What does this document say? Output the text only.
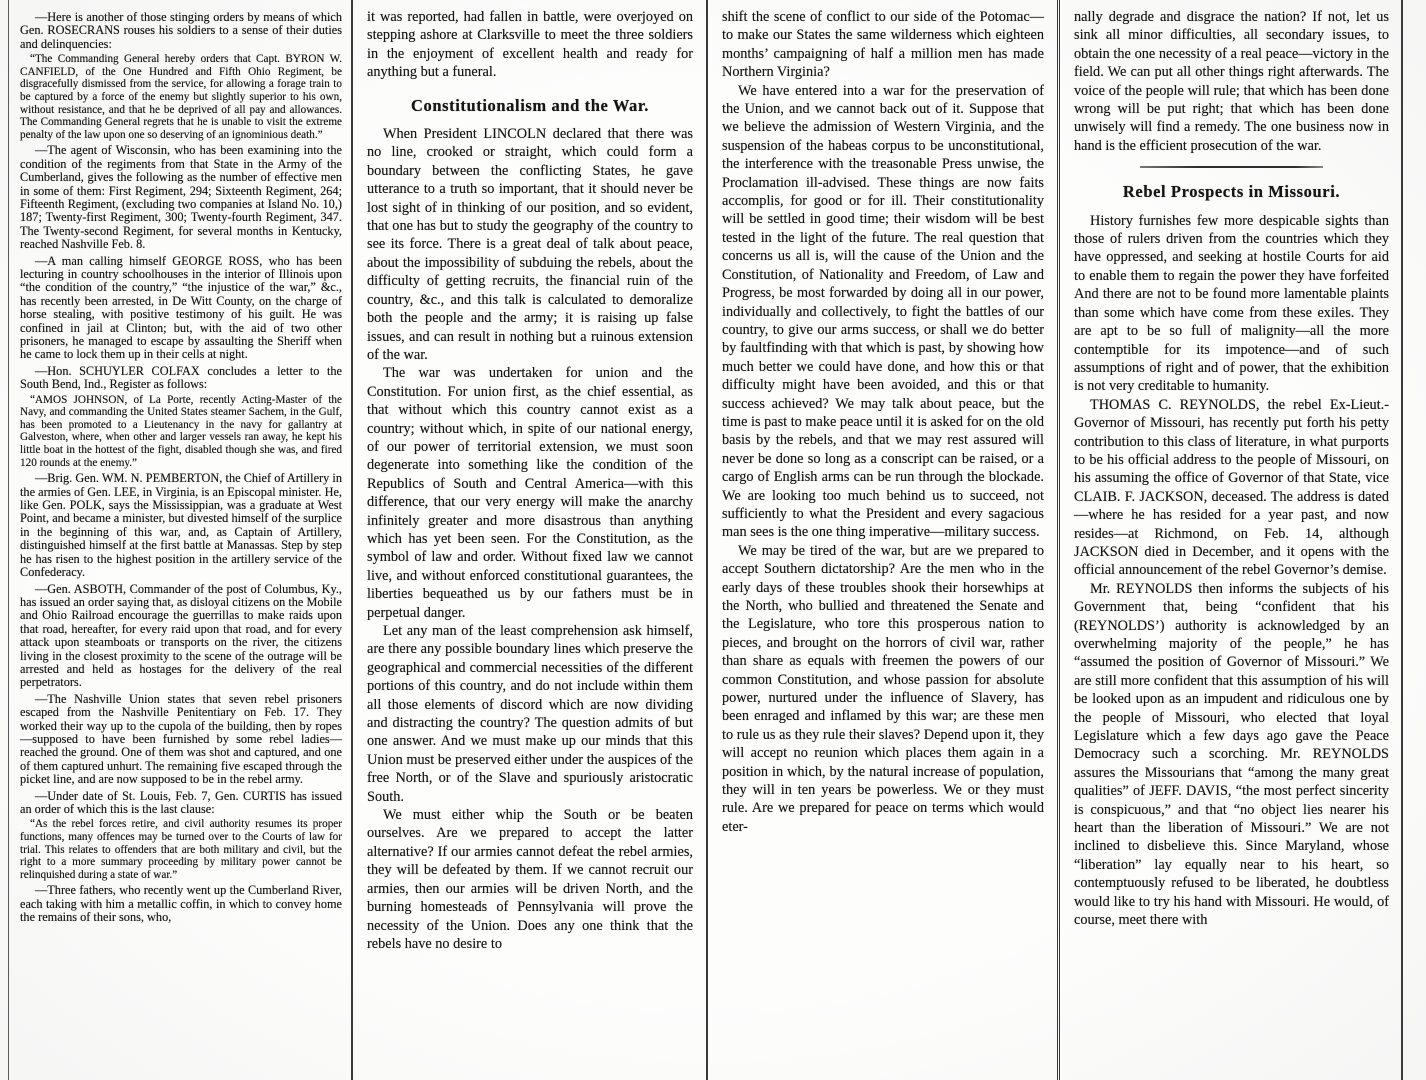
—Here is another of those stinging orders by means of which Gen. ROSECRANS rouses his soldiers to a sense of their duties and delinquencies:

“The Commanding General hereby orders that Capt. BYRON W. CANFIELD, of the One Hundred and Fifth Ohio Regiment, be disgracefully dismissed from the service, for allowing a forage train to be captured by a force of the enemy but slightly superior to his own, without resistance, and that he be deprived of all pay and allowances. The Commanding General regrets that he is unable to visit the extreme penalty of the law upon one so deserving of an ignominious death.”

—The agent of Wisconsin, who has been examining into the condition of the regiments from that State in the Army of the Cumberland, gives the following as the number of effective men in some of them: First Regiment, 294; Sixteenth Regiment, 264; Fifteenth Regiment, (excluding two companies at Island No. 10,) 187; Twenty-first Regiment, 300; Twenty-fourth Regiment, 347. The Twenty-second Regiment, for several months in Kentucky, reached Nashville Feb. 8.

—A man calling himself GEORGE ROSS, who has been lecturing in country schoolhouses in the interior of Illinois upon “the condition of the country,” “the injustice of the war,” &c., has recently been arrested, in De Witt County, on the charge of horse stealing, with positive testimony of his guilt. He was confined in jail at Clinton; but, with the aid of two other prisoners, he managed to escape by assaulting the Sheriff when he came to lock them up in their cells at night.

—Hon. SCHUYLER COLFAX concludes a letter to the South Bend, Ind., Register as follows:

“AMOS JOHNSON, of La Porte, recently Acting-Master of the Navy, and commanding the United States steamer Sachem, in the Gulf, has been promoted to a Lieutenancy in the navy for gallantry at Galveston, where, when other and larger vessels ran away, he kept his little boat in the hottest of the fight, disabled though she was, and fired 120 rounds at the enemy.”

—Brig. Gen. WM. N. PEMBERTON, the Chief of Artillery in the armies of Gen. LEE, in Virginia, is an Episcopal minister. He, like Gen. POLK, says the Mississippian, was a graduate at West Point, and became a minister, but divested himself of the surplice in the beginning of this war, and, as Captain of Artillery, distinguished himself at the first battle at Manassas. Step by step he has risen to the highest position in the artillery service of the Confederacy.

—Gen. ASBOTH, Commander of the post of Columbus, Ky., has issued an order saying that, as disloyal citizens on the Mobile and Ohio Railroad encourage the guerrillas to make raids upon that road, hereafter, for every raid upon that road, and for every attack upon steamboats or transports on the river, the citizens living in the closest proximity to the scene of the outrage will be arrested and held as hostages for the delivery of the real perpetrators.

—The Nashville Union states that seven rebel prisoners escaped from the Nashville Penitentiary on Feb. 17. They worked their way up to the cupola of the building, then by ropes—supposed to have been furnished by some rebel ladies—reached the ground. One of them was shot and captured, and one of them captured unhurt. The remaining five escaped through the picket line, and are now supposed to be in the rebel army.

—Under date of St. Louis, Feb. 7, Gen. CURTIS has issued an order of which this is the last clause:

“As the rebel forces retire, and civil authority resumes its proper functions, many offences may be turned over to the Courts of law for trial. This relates to offenders that are both military and civil, but the right to a more summary proceeding by military power cannot be relinquished during a state of war.”

—Three fathers, who recently went up the Cumberland River, each taking with him a metallic coffin, in which to convey home the remains of their sons, who,

it was reported, had fallen in battle, were overjoyed on stepping ashore at Clarksville to meet the three soldiers in the enjoyment of excellent health and ready for anything but a funeral.

Constitutionalism and the War.

When President LINCOLN declared that there was no line, crooked or straight, which could form a boundary between the conflicting States, he gave utterance to a truth so important, that it should never be lost sight of in thinking of our position, and so evident, that one has but to study the geography of the country to see its force. There is a great deal of talk about peace, about the impossibility of subduing the rebels, about the difficulty of getting recruits, the financial ruin of the country, &c., and this talk is calculated to demoralize both the people and the army; it is raising up false issues, and can result in nothing but a ruinous extension of the war.

The war was undertaken for union and the Constitution. For union first, as the chief essential, as that without which this country cannot exist as a country; without which, in spite of our national energy, of our power of territorial extension, we must soon degenerate into something like the condition of the Republics of South and Central America—with this difference, that our very energy will make the anarchy infinitely greater and more disastrous than anything which has yet been seen. For the Constitution, as the symbol of law and order. Without fixed law we cannot live, and without enforced constitutional guarantees, the liberties bequeathed us by our fathers must be in perpetual danger.

Let any man of the least comprehension ask himself, are there any possible boundary lines which preserve the geographical and commercial necessities of the different portions of this country, and do not include within them all those elements of discord which are now dividing and distracting the country? The question admits of but one answer. And we must make up our minds that this Union must be preserved either under the auspices of the free North, or of the Slave and spuriously aristocratic South.

We must either whip the South or be beaten ourselves. Are we prepared to accept the latter alternative? If our armies cannot defeat the rebel armies, they will be defeated by them. If we cannot recruit our armies, then our armies will be driven North, and the burning homesteads of Pennsylvania will prove the necessity of the Union. Does any one think that the rebels have no desire to

shift the scene of conflict to our side of the Potomac—to make our States the same wilderness which eighteen months’ campaigning of half a million men has made Northern Virginia?

We have entered into a war for the preservation of the Union, and we cannot back out of it. Suppose that we believe the admission of Western Virginia, and the suspension of the habeas corpus to be unconstitutional, the interference with the treasonable Press unwise, the Proclamation ill-advised. These things are now faits accomplis, for good or for ill. Their constitutionality will be settled in good time; their wisdom will be best tested in the light of the future. The real question that concerns us all is, will the cause of the Union and the Constitution, of Nationality and Freedom, of Law and Progress, be most forwarded by doing all in our power, individually and collectively, to fight the battles of our country, to give our arms success, or shall we do better by faultfinding with that which is past, by showing how much better we could have done, and how this or that difficulty might have been avoided, and this or that success achieved? We may talk about peace, but the time is past to make peace until it is asked for on the old basis by the rebels, and that we may rest assured will never be done so long as a conscript can be raised, or a cargo of English arms can be run through the blockade. We are looking too much behind us to succeed, not sufficiently to what the President and every sagacious man sees is the one thing imperative—military success.

We may be tired of the war, but are we prepared to accept Southern dictatorship? Are the men who in the early days of these troubles shook their horsewhips at the North, who bullied and threatened the Senate and the Legislature, who tore this prosperous nation to pieces, and brought on the horrors of civil war, rather than share as equals with freemen the powers of our common Constitution, and whose passion for absolute power, nurtured under the influence of Slavery, has been enraged and inflamed by this war; are these men to rule us as they rule their slaves? Depend upon it, they will accept no reunion which places them again in a position in which, by the natural increase of population, they will in ten years be powerless. We or they must rule. Are we prepared for peace on terms which would eter-

nally degrade and disgrace the nation? If not, let us sink all minor difficulties, all secondary issues, to obtain the one necessity of a real peace—victory in the field. We can put all other things right afterwards. The voice of the people will rule; that which has been done wrong will be put right; that which has been done unwisely will find a remedy. The one business now in hand is the efficient prosecution of the war.

Rebel Prospects in Missouri.

History furnishes few more despicable sights than those of rulers driven from the countries which they have oppressed, and seeking at hostile Courts for aid to enable them to regain the power they have forfeited And there are not to be found more lamentable plaints than some which have come from these exiles. They are apt to be so full of malignity—all the more contemptible for its impotence—and of such assumptions of right and of power, that the exhibition is not very creditable to humanity.

THOMAS C. REYNOLDS, the rebel Ex-Lieut.-Governor of Missouri, has recently put forth his petty contribution to this class of literature, in what purports to be his official address to the people of Missouri, on his assuming the office of Governor of that State, vice CLAIB. F. JACKSON, deceased. The address is dated—where he has resided for a year past, and now resides—at Richmond, on Feb. 14, although JACKSON died in December, and it opens with the official announcement of the rebel Governor’s demise.

Mr. REYNOLDS then informs the subjects of his Government that, being “confident that his (REYNOLDS’) authority is acknowledged by an overwhelming majority of the people,” he has “assumed the position of Governor of Missouri.” We are still more confident that this assumption of his will be looked upon as an impudent and ridiculous one by the people of Missouri, who elected that loyal Legislature which a few days ago gave the Peace Democracy such a scorching. Mr. REYNOLDS assures the Missourians that “among the many great qualities” of JEFF. DAVIS, “the most perfect sincerity is conspicuous,” and that “no object lies nearer his heart than the liberation of Missouri.” We are not inclined to disbelieve this. Since Maryland, whose “liberation” lay equally near to his heart, so contemptuously refused to be liberated, he doubtless would like to try his hand with Missouri. He would, of course, meet there with
